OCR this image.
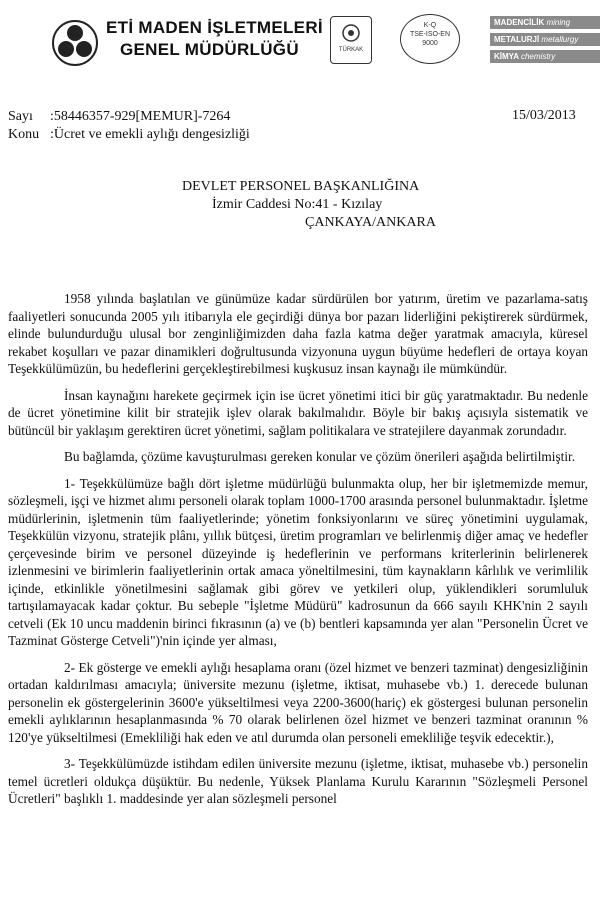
ETİ MADEN İŞLETMELERİ
GENEL MÜDÜRLÜĞÜ	TÜRKAK
K-Q
TSE-ISO-EN
9000
MADENCİLİK mining
METALURJİ metallurgy
KİMYA chemistry
Sayı :58446357-929[MEMUR]-7264
Konu :Ücret ve emekli aylığı dengesizliği
15/03/2013
DEVLET PERSONEL BAŞKANLIĞINA
İzmir Caddesi No:41 - Kızılay
ÇANKAYA/ANKARA

1958 yılında başlatılan ve günümüze kadar sürdürülen bor yatırım, üretim ve pazarlama-satış faaliyetleri sonucunda 2005 yılı itibarıyla ele geçirdiği dünya bor pazarı liderliğini pekiştirerek sürdürmek, elinde bulundurduğu ulusal bor zenginliğimizden daha fazla katma değer yaratmak amacıyla, küresel rekabet koşulları ve pazar dinamikleri doğrultusunda vizyonuna uygun büyüme hedefleri de ortaya koyan Teşekkülümüzün, bu hedeflerini gerçekleştirebilmesi kuşkusuz insan kaynağı ile mümkündür.

İnsan kaynağını harekete geçirmek için ise ücret yönetimi itici bir güç yaratmaktadır. Bu nedenle de ücret yönetimine kilit bir stratejik işlev olarak bakılmalıdır. Böyle bir bakış açısıyla sistematik ve bütüncül bir yaklaşım gerektiren ücret yönetimi, sağlam politikalara ve stratejilere dayanmak zorundadır.

Bu bağlamda, çözüme kavuşturulması gereken konular ve çözüm önerileri aşağıda belirtilmiştir.

1- Teşekkülümüze bağlı dört işletme müdürlüğü bulunmakta olup, her bir işletmemizde memur, sözleşmeli, işçi ve hizmet alımı personeli olarak toplam 1000-1700 arasında personel bulunmaktadır. İşletme müdürlerinin, işletmenin tüm faaliyetlerinde; yönetim fonksiyonlarını ve süreç yönetimini uygulamak, Teşekkülün vizyonu, stratejik plânı, yıllık bütçesi, üretim programları ve belirlenmiş diğer amaç ve hedefler çerçevesinde birim ve personel düzeyinde iş hedeflerinin ve performans kriterlerinin belirlenerek izlenmesini ve birimlerin faaliyetlerinin ortak amaca yöneltilmesini, tüm kaynakların kârlılık ve verimlilik içinde, etkinlikle yönetilmesini sağlamak gibi görev ve yetkileri olup, yüklendikleri sorumluluk tartışılamayacak kadar çoktur. Bu sebeple "İşletme Müdürü" kadrosunun da 666 sayılı KHK'nin 2 sayılı cetveli (Ek 10 uncu maddenin birinci fıkrasının (a) ve (b) bentleri kapsamında yer alan "Personelin Ücret ve Tazminat Gösterge Cetveli")'nin içinde yer alması,

2- Ek gösterge ve emekli aylığı hesaplama oranı (özel hizmet ve benzeri tazminat) dengesizliğinin ortadan kaldırılması amacıyla; üniversite mezunu (işletme, iktisat, muhasebe vb.) 1. derecede bulunan personelin ek göstergelerinin 3600'e yükseltilmesi veya 2200-3600(hariç) ek göstergesi bulunan personelin emekli aylıklarının hesaplanmasında % 70 olarak belirlenen özel hizmet ve benzeri tazminat oranının % 120'ye yükseltilmesi (Emekliliği hak eden ve atıl durumda olan personeli emekliliğe teşvik edecektir.),

3- Teşekkülümüzde istihdam edilen üniversite mezunu (işletme, iktisat, muhasebe vb.) personelin temel ücretleri oldukça düşüktür. Bu nedenle, Yüksek Planlama Kurulu Kararının "Sözleşmeli Personel Ücretleri" başlıklı 1. maddesinde yer alan sözleşmeli personel
